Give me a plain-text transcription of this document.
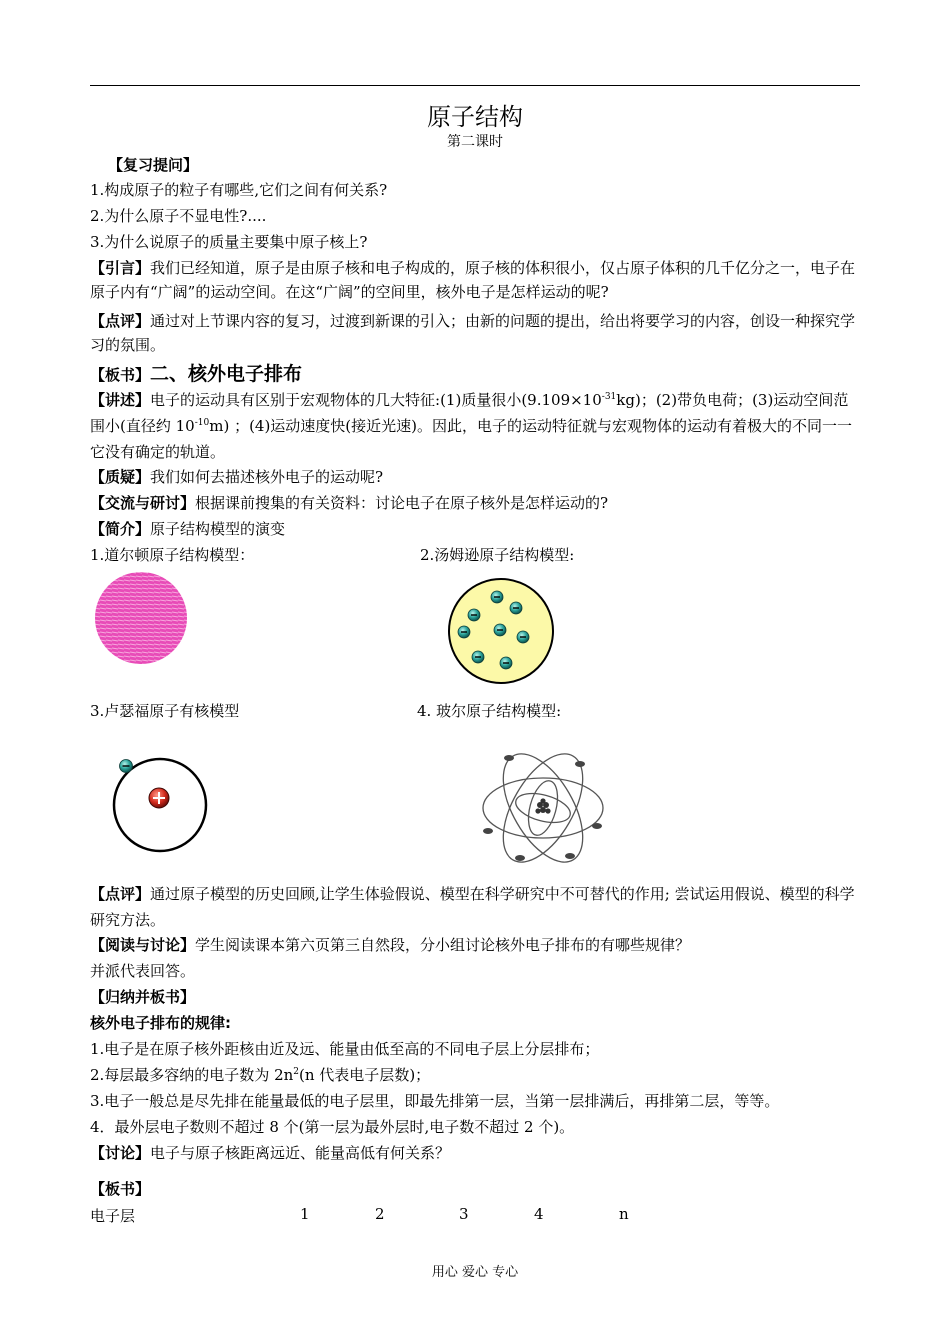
原子结构
第二课时
【复习提问】
1.构成原子的粒子有哪些,它们之间有何关系?
2.为什么原子不显电性?....
3.为什么说原子的质量主要集中原子核上?
【引言】我们已经知道，原子是由原子核和电子构成的，原子核的体积很小，仅占原子体积的几千亿分之一，电子在原子内有“广阔”的运动空间。在这“广阔”的空间里，核外电子是怎样运动的呢?
【点评】通过对上节课内容的复习，过渡到新课的引入；由新的问题的提出，给出将要学习的内容，创设一种探究学习的氛围。
【板书】二、核外电子排布
【讲述】电子的运动具有区别于宏观物体的几大特征:(1)质量很小$(9.109\times 10^{-31}kg)$；(2)带负电荷；(3)运动空间范围小(直径约 $10^{-10}m$) ；(4)运动速度快(接近光速)。因此，电子的运动特征就与宏观物体的运动有着极大的不同一一它没有确定的轨道。
【质疑】我们如何去描述核外电子的运动呢?
【交流与研讨】根据课前搜集的有关资料：讨论电子在原子核外是怎样运动的?
【简介】原子结构模型的演变
1.道尔顿原子结构模型：	2.汤姆逊原子结构模型:
3.卢瑟福原子有核模型	4. 玻尔原子结构模型:
【点评】通过原子模型的历史回顾,让学生体验假说、模型在科学研究中不可替代的作用; 尝试运用假说、模型的科学研究方法。
【阅读与讨论】学生阅读课本第六页第三自然段，分小组讨论核外电子排布的有哪些规律？
并派代表回答。
【归纳并板书】
核外电子排布的规律:
1.电子是在原子核外距核由近及远、能量由低至高的不同电子层上分层排布；
2.每层最多容纳的电子数为 $2n^2(n$ 代表电子层数)；
3.电子一般总是尽先排在能量最低的电子层里，即最先排第一层，当第一层排满后，再排第二层，等等。
4．最外层电子数则不超过 8 个(第一层为最外层时,电子数不超过 2 个)。
【讨论】电子与原子核距离远近、能量高低有何关系？
【板书】
电子层	1	2	3	4	n
用心 爱心 专心
